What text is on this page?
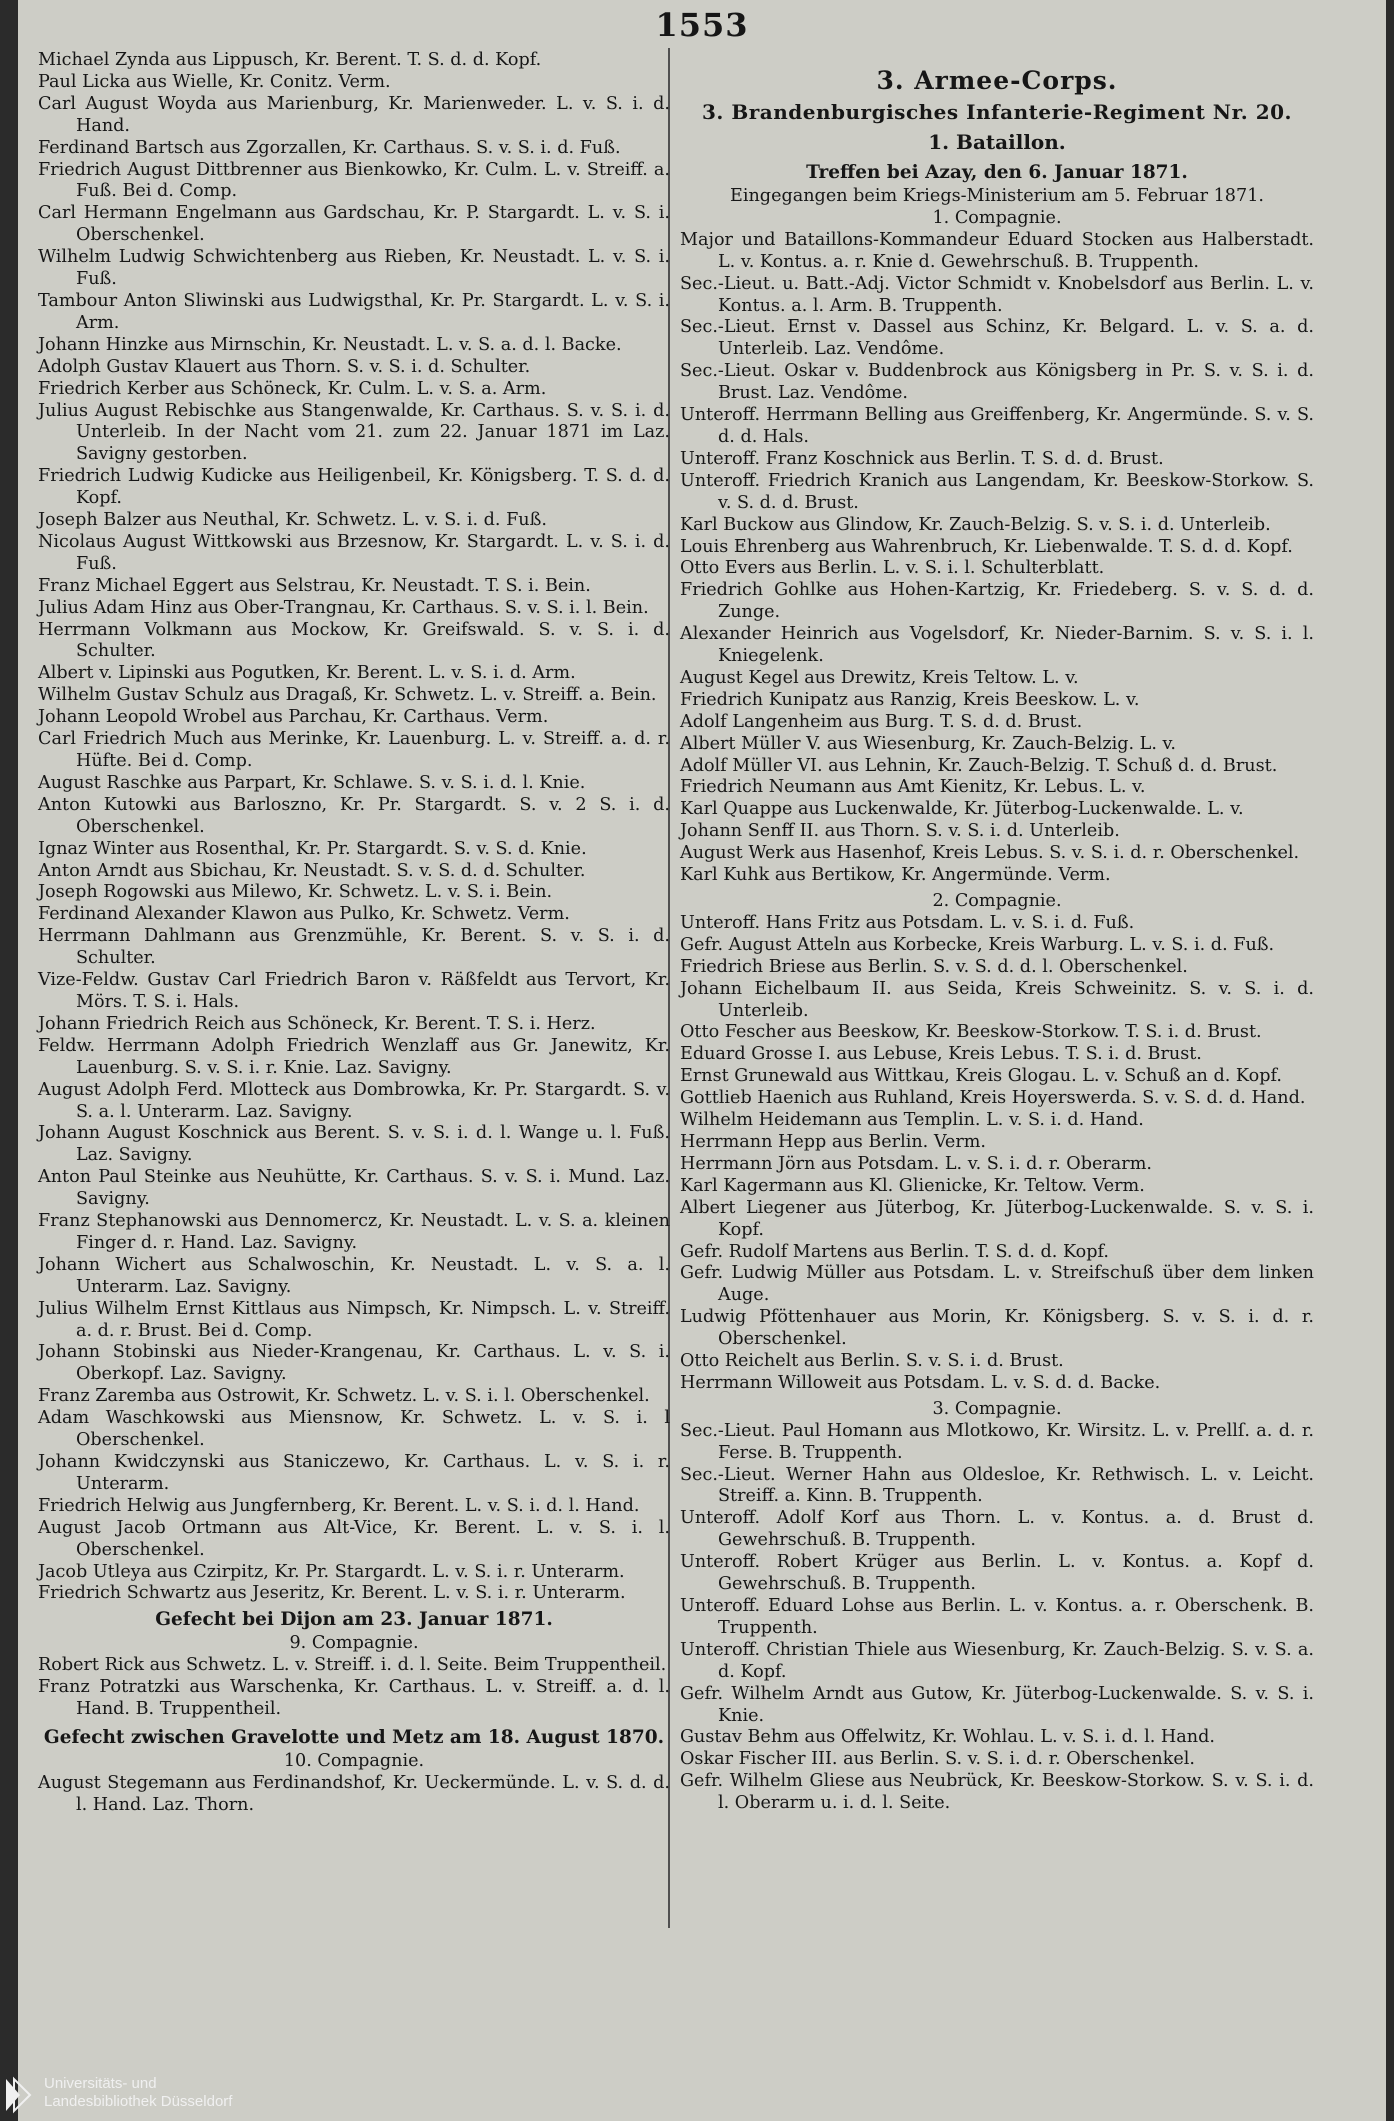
1553
Michael Zynda aus Lippusch, Kr. Berent. T. S. d. d. Kopf.
Paul Licka aus Wielle, Kr. Conitz. Verm.
Carl August Woyda aus Marienburg, Kr. Marienweder. L. v. S. i. d. Hand.
Ferdinand Bartsch aus Zgorzallen, Kr. Carthaus. S. v. S. i. d. Fuß.
Friedrich August Dittbrenner aus Bienkowko, Kr. Culm. L. v. Streiff. a. Fuß. Bei d. Comp.
Carl Hermann Engelmann aus Gardschau, Kr. P. Stargardt. L. v. S. i. Oberschenkel.
Wilhelm Ludwig Schwichtenberg aus Rieben, Kr. Neustadt. L. v. S. i. Fuß.
Tambour Anton Sliwinski aus Ludwigsthal, Kr. Pr. Stargardt. L. v. S. i. Arm.
Johann Hinzke aus Mirnschin, Kr. Neustadt. L. v. S. a. d. l. Backe.
Adolph Gustav Klauert aus Thorn. S. v. S. i. d. Schulter.
Friedrich Kerber aus Schöneck, Kr. Culm. L. v. S. a. Arm.
Julius August Rebischke aus Stangenwalde, Kr. Carthaus. S. v. S. i. d. Unterleib. In der Nacht vom 21. zum 22. Januar 1871 im Laz. Savigny gestorben.
Friedrich Ludwig Kudicke aus Heiligenbeil, Kr. Königsberg. T. S. d. d. Kopf.
Joseph Balzer aus Neuthal, Kr. Schwetz. L. v. S. i. d. Fuß.
Nicolaus August Wittkowski aus Brzesnow, Kr. Stargardt. L. v. S. i. d. Fuß.
Franz Michael Eggert aus Selstrau, Kr. Neustadt. T. S. i. Bein.
Julius Adam Hinz aus Ober-Trangnau, Kr. Carthaus. S. v. S. i. l. Bein.
Herrmann Volkmann aus Mockow, Kr. Greifswald. S. v. S. i. d. Schulter.
Albert v. Lipinski aus Pogutken, Kr. Berent. L. v. S. i. d. Arm.
Wilhelm Gustav Schulz aus Dragaß, Kr. Schwetz. L. v. Streiff. a. Bein.
Johann Leopold Wrobel aus Parchau, Kr. Carthaus. Verm.
Carl Friedrich Much aus Merinke, Kr. Lauenburg. L. v. Streiff. a. d. r. Hüfte. Bei d. Comp.
August Raschke aus Parpart, Kr. Schlawe. S. v. S. i. d. l. Knie.
Anton Kutowki aus Barloszno, Kr. Pr. Stargardt. S. v. 2 S. i. d. Oberschenkel.
Ignaz Winter aus Rosenthal, Kr. Pr. Stargardt. S. v. S. d. Knie.
Anton Arndt aus Sbichau, Kr. Neustadt. S. v. S. d. d. Schulter.
Joseph Rogowski aus Milewo, Kr. Schwetz. L. v. S. i. Bein.
Ferdinand Alexander Klawon aus Pulko, Kr. Schwetz. Verm.
Herrmann Dahlmann aus Grenzmühle, Kr. Berent. S. v. S. i. d. Schulter.
Vize-Feldw. Gustav Carl Friedrich Baron v. Räßfeldt aus Tervort, Kr. Mörs. T. S. i. Hals.
Johann Friedrich Reich aus Schöneck, Kr. Berent. T. S. i. Herz.
Feldw. Herrmann Adolph Friedrich Wenzlaff aus Gr. Janewitz, Kr. Lauenburg. S. v. S. i. r. Knie. Laz. Savigny.
August Adolph Ferd. Mlotteck aus Dombrowka, Kr. Pr. Stargardt. S. v. S. a. l. Unterarm. Laz. Savigny.
Johann August Koschnick aus Berent. S. v. S. i. d. l. Wange u. l. Fuß. Laz. Savigny.
Anton Paul Steinke aus Neuhütte, Kr. Carthaus. S. v. S. i. Mund. Laz. Savigny.
Franz Stephanowski aus Dennomercz, Kr. Neustadt. L. v. S. a. kleinen Finger d. r. Hand. Laz. Savigny.
Johann Wichert aus Schalwoschin, Kr. Neustadt. L. v. S. a. l. Unterarm. Laz. Savigny.
Julius Wilhelm Ernst Kittlaus aus Nimpsch, Kr. Nimpsch. L. v. Streiff. a. d. r. Brust. Bei d. Comp.
Johann Stobinski aus Nieder-Krangenau, Kr. Carthaus. L. v. S. i. Oberkopf. Laz. Savigny.
Franz Zaremba aus Ostrowit, Kr. Schwetz. L. v. S. i. l. Oberschenkel.
Adam Waschkowski aus Miensnow, Kr. Schwetz. L. v. S. i. l Oberschenkel.
Johann Kwidczynski aus Staniczewo, Kr. Carthaus. L. v. S. i. r. Unterarm.
Friedrich Helwig aus Jungfernberg, Kr. Berent. L. v. S. i. d. l. Hand.
August Jacob Ortmann aus Alt-Vice, Kr. Berent. L. v. S. i. l. Oberschenkel.
Jacob Utleya aus Czirpitz, Kr. Pr. Stargardt. L. v. S. i. r. Unterarm.
Friedrich Schwartz aus Jeseritz, Kr. Berent. L. v. S. i. r. Unterarm.
Gefecht bei Dijon am 23. Januar 1871.
9. Compagnie.
Robert Rick aus Schwetz. L. v. Streiff. i. d. l. Seite. Beim Truppentheil.
Franz Potratzki aus Warschenka, Kr. Carthaus. L. v. Streiff. a. d. l. Hand. B. Truppentheil.
Gefecht zwischen Gravelotte und Metz am 18. August 1870.
10. Compagnie.
August Stegemann aus Ferdinandshof, Kr. Ueckermünde. L. v. S. d. d. l. Hand. Laz. Thorn.
3. Armee-Corps.
3. Brandenburgisches Infanterie-Regiment Nr. 20.
1. Bataillon.
Treffen bei Azay, den 6. Januar 1871.
Eingegangen beim Kriegs-Ministerium am 5. Februar 1871.
1. Compagnie.
Major und Bataillons-Kommandeur Eduard Stocken aus Halberstadt. L. v. Kontus. a. r. Knie d. Gewehrschuß. B. Truppenth.
Sec.-Lieut. u. Batt.-Adj. Victor Schmidt v. Knobelsdorf aus Berlin. L. v. Kontus. a. l. Arm. B. Truppenth.
Sec.-Lieut. Ernst v. Dassel aus Schinz, Kr. Belgard. L. v. S. a. d. Unterleib. Laz. Vendôme.
Sec.-Lieut. Oskar v. Buddenbrock aus Königsberg in Pr. S. v. S. i. d. Brust. Laz. Vendôme.
Unteroff. Herrmann Belling aus Greiffenberg, Kr. Angermünde. S. v. S. d. d. Hals.
Unteroff. Franz Koschnick aus Berlin. T. S. d. d. Brust.
Unteroff. Friedrich Kranich aus Langendam, Kr. Beeskow-Storkow. S. v. S. d. d. Brust.
Karl Buckow aus Glindow, Kr. Zauch-Belzig. S. v. S. i. d. Unterleib.
Louis Ehrenberg aus Wahrenbruch, Kr. Liebenwalde. T. S. d. d. Kopf.
Otto Evers aus Berlin. L. v. S. i. l. Schulterblatt.
Friedrich Gohlke aus Hohen-Kartzig, Kr. Friedeberg. S. v. S. d. d. Zunge.
Alexander Heinrich aus Vogelsdorf, Kr. Nieder-Barnim. S. v. S. i. l. Kniegelenk.
August Kegel aus Drewitz, Kreis Teltow. L. v.
Friedrich Kunipatz aus Ranzig, Kreis Beeskow. L. v.
Adolf Langenheim aus Burg. T. S. d. d. Brust.
Albert Müller V. aus Wiesenburg, Kr. Zauch-Belzig. L. v.
Adolf Müller VI. aus Lehnin, Kr. Zauch-Belzig. T. Schuß d. d. Brust.
Friedrich Neumann aus Amt Kienitz, Kr. Lebus. L. v.
Karl Quappe aus Luckenwalde, Kr. Jüterbog-Luckenwalde. L. v.
Johann Senff II. aus Thorn. S. v. S. i. d. Unterleib.
August Werk aus Hasenhof, Kreis Lebus. S. v. S. i. d. r. Oberschenkel.
Karl Kuhk aus Bertikow, Kr. Angermünde. Verm.
2. Compagnie.
Unteroff. Hans Fritz aus Potsdam. L. v. S. i. d. Fuß.
Gefr. August Atteln aus Korbecke, Kreis Warburg. L. v. S. i. d. Fuß.
Friedrich Briese aus Berlin. S. v. S. d. d. l. Oberschenkel.
Johann Eichelbaum II. aus Seida, Kreis Schweinitz. S. v. S. i. d. Unterleib.
Otto Fescher aus Beeskow, Kr. Beeskow-Storkow. T. S. i. d. Brust.
Eduard Grosse I. aus Lebuse, Kreis Lebus. T. S. i. d. Brust.
Ernst Grunewald aus Wittkau, Kreis Glogau. L. v. Schuß an d. Kopf.
Gottlieb Haenich aus Ruhland, Kreis Hoyerswerda. S. v. S. d. d. Hand.
Wilhelm Heidemann aus Templin. L. v. S. i. d. Hand.
Herrmann Hepp aus Berlin. Verm.
Herrmann Jörn aus Potsdam. L. v. S. i. d. r. Oberarm.
Karl Kagermann aus Kl. Glienicke, Kr. Teltow. Verm.
Albert Liegener aus Jüterbog, Kr. Jüterbog-Luckenwalde. S. v. S. i. Kopf.
Gefr. Rudolf Martens aus Berlin. T. S. d. d. Kopf.
Gefr. Ludwig Müller aus Potsdam. L. v. Streifschuß über dem linken Auge.
Ludwig Pföttenhauer aus Morin, Kr. Königsberg. S. v. S. i. d. r. Oberschenkel.
Otto Reichelt aus Berlin. S. v. S. i. d. Brust.
Herrmann Willoweit aus Potsdam. L. v. S. d. d. Backe.
3. Compagnie.
Sec.-Lieut. Paul Homann aus Mlotkowo, Kr. Wirsitz. L. v. Prellſ. a. d. r. Ferse. B. Truppenth.
Sec.-Lieut. Werner Hahn aus Oldesloe, Kr. Rethwisch. L. v. Leicht. Streiff. a. Kinn. B. Truppenth.
Unteroff. Adolf Korf aus Thorn. L. v. Kontus. a. d. Brust d. Gewehrschuß. B. Truppenth.
Unteroff. Robert Krüger aus Berlin. L. v. Kontus. a. Kopf d. Gewehrschuß. B. Truppenth.
Unteroff. Eduard Lohse aus Berlin. L. v. Kontus. a. r. Oberschenk. B. Truppenth.
Unteroff. Christian Thiele aus Wiesenburg, Kr. Zauch-Belzig. S. v. S. a. d. Kopf.
Gefr. Wilhelm Arndt aus Gutow, Kr. Jüterbog-Luckenwalde. S. v. S. i. Knie.
Gustav Behm aus Offelwitz, Kr. Wohlau. L. v. S. i. d. l. Hand.
Oskar Fischer III. aus Berlin. S. v. S. i. d. r. Oberschenkel.
Gefr. Wilhelm Gliese aus Neubrück, Kr. Beeskow-Storkow. S. v. S. i. d. l. Oberarm u. i. d. l. Seite.
Universitäts- und
Landesbibliothek Düsseldorf
